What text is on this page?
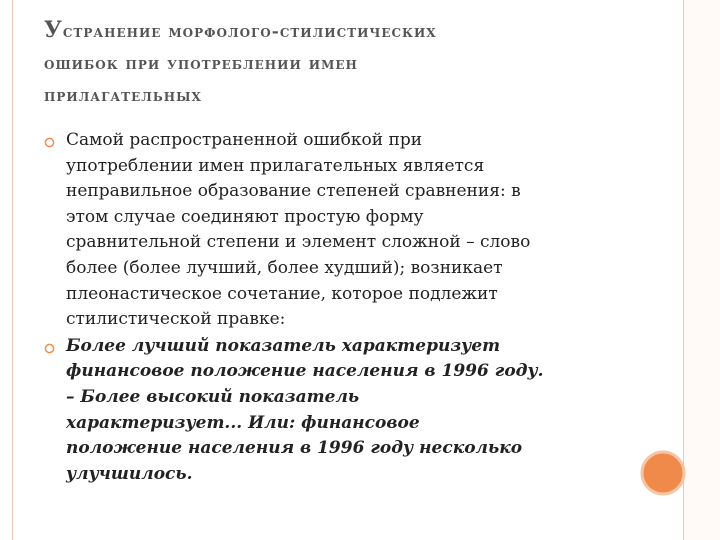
Устранение морфолого-стилистических
ошибок при употреблении имен
прилагательных
Самой распространенной ошибкой при
употреблении имен прилагательных является
неправильное образование степеней сравнения: в
этом случае соединяют простую форму
сравнительной степени и элемент сложной – слово
более (более лучший, более худший); возникает
плеонастическое сочетание, которое подлежит
стилистической правке:
Более лучший показатель характеризует
финансовое положение населения в 1996 году.
– Более высокий показатель
характеризует... Или: финансовое
положение населения в 1996 году несколько
улучшилось.
